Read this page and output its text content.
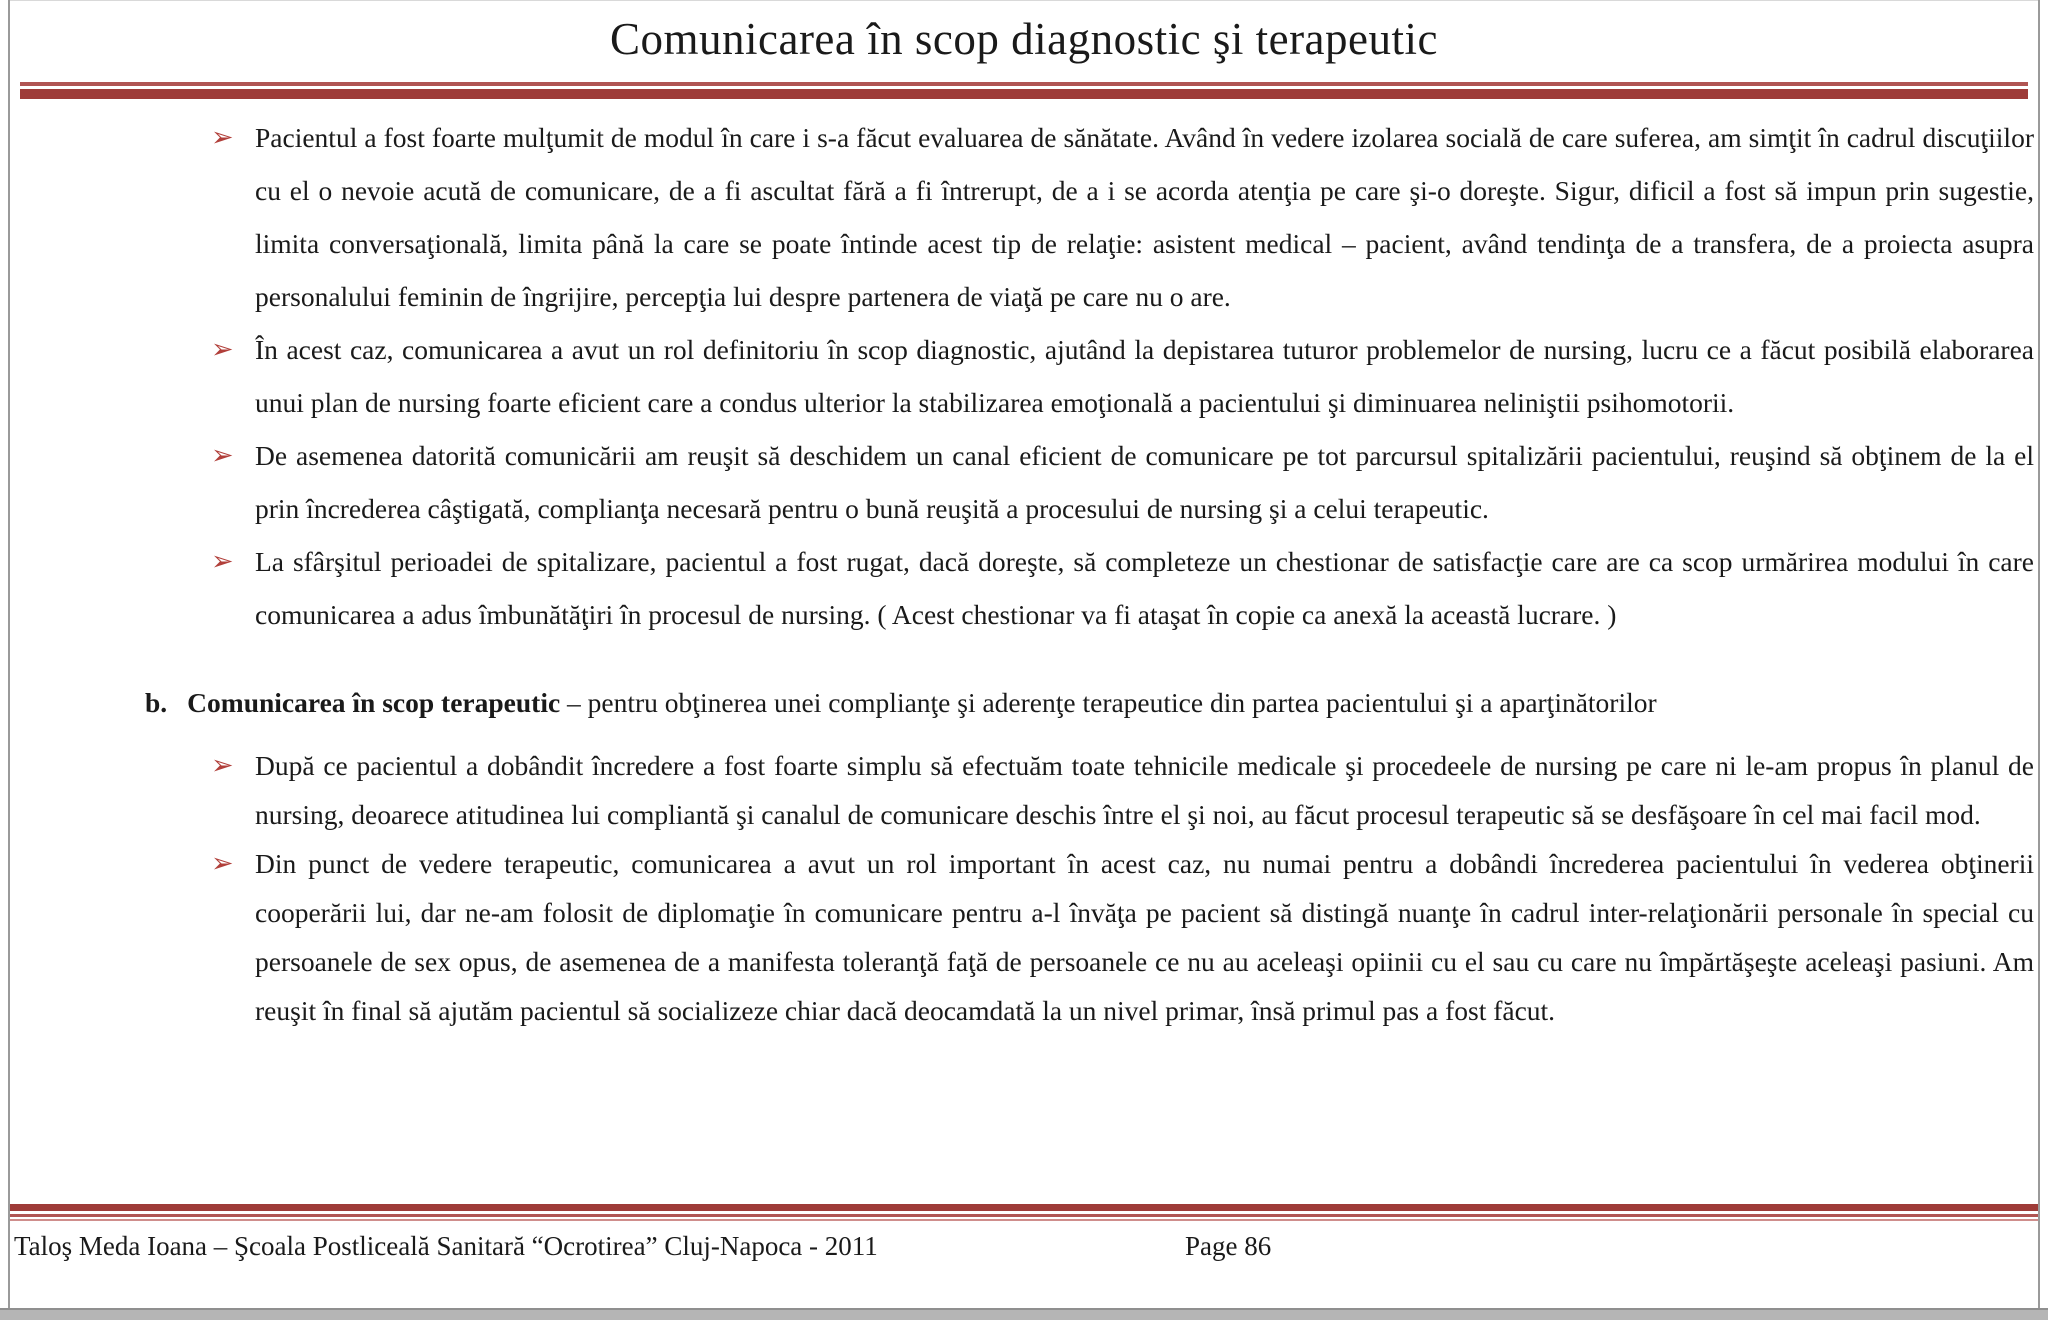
Comunicarea în scop diagnostic şi terapeutic
➢ Pacientul a fost foarte mulţumit de modul în care i s-a făcut evaluarea de sănătate. Având în vedere izolarea socială de care suferea, am simţit în cadrul discuţiilor cu el o nevoie acută de comunicare, de a fi ascultat fără a fi întrerupt, de a i se acorda atenţia pe care şi-o doreşte. Sigur, dificil a fost să impun prin sugestie, limita conversaţională, limita până la care se poate întinde acest tip de relaţie: asistent medical – pacient, având tendinţa de a transfera, de a proiecta asupra personalului feminin de îngrijire, percepţia lui despre partenera de viaţă pe care nu o are.
➢ În acest caz, comunicarea a avut un rol definitoriu în scop diagnostic, ajutând la depistarea tuturor problemelor de nursing, lucru ce a făcut posibilă elaborarea unui plan de nursing foarte eficient care a condus ulterior la stabilizarea emoţională a pacientului şi diminuarea neliniştii psihomotorii.
➢ De asemenea datorită comunicării am reuşit să deschidem un canal eficient de comunicare pe tot parcursul spitalizării pacientului, reuşind să obţinem de la el prin încrederea câştigată, complianţa necesară pentru o bună reuşită a procesului de nursing şi a celui terapeutic.
➢ La sfârşitul perioadei de spitalizare, pacientul a fost rugat, dacă doreşte, să completeze un chestionar de satisfacţie care are ca scop urmărirea modului în care comunicarea a adus îmbunătăţiri în procesul de nursing. ( Acest chestionar va fi ataşat în copie ca anexă la această lucrare. )
b. Comunicarea în scop terapeutic – pentru obţinerea unei complianţe şi aderenţe terapeutice din partea pacientului şi a aparţinătorilor
➢ După ce pacientul a dobândit încredere a fost foarte simplu să efectuăm toate tehnicile medicale şi procedeele de nursing pe care ni le-am propus în planul de nursing, deoarece atitudinea lui compliantă şi canalul de comunicare deschis între el şi noi, au făcut procesul terapeutic să se desfăşoare în cel mai facil mod.
➢ Din punct de vedere terapeutic, comunicarea a avut un rol important în acest caz, nu numai pentru a dobândi încrederea pacientului în vederea obţinerii cooperării lui, dar ne-am folosit de diplomaţie în comunicare pentru a-l învăţa pe pacient să distingă nuanţe în cadrul inter-relaţionării personale în special cu persoanele de sex opus, de asemenea de a manifesta toleranţă faţă de persoanele ce nu au aceleaşi opiinii cu el sau cu care nu împărtăşeşte aceleaşi pasiuni. Am reuşit în final să ajutăm pacientul să socializeze chiar dacă deocamdată la un nivel primar, însă primul pas a fost făcut.
Taloş Meda Ioana – Şcoala Postliceală Sanitară “Ocrotirea” Cluj-Napoca - 2011	Page 86
